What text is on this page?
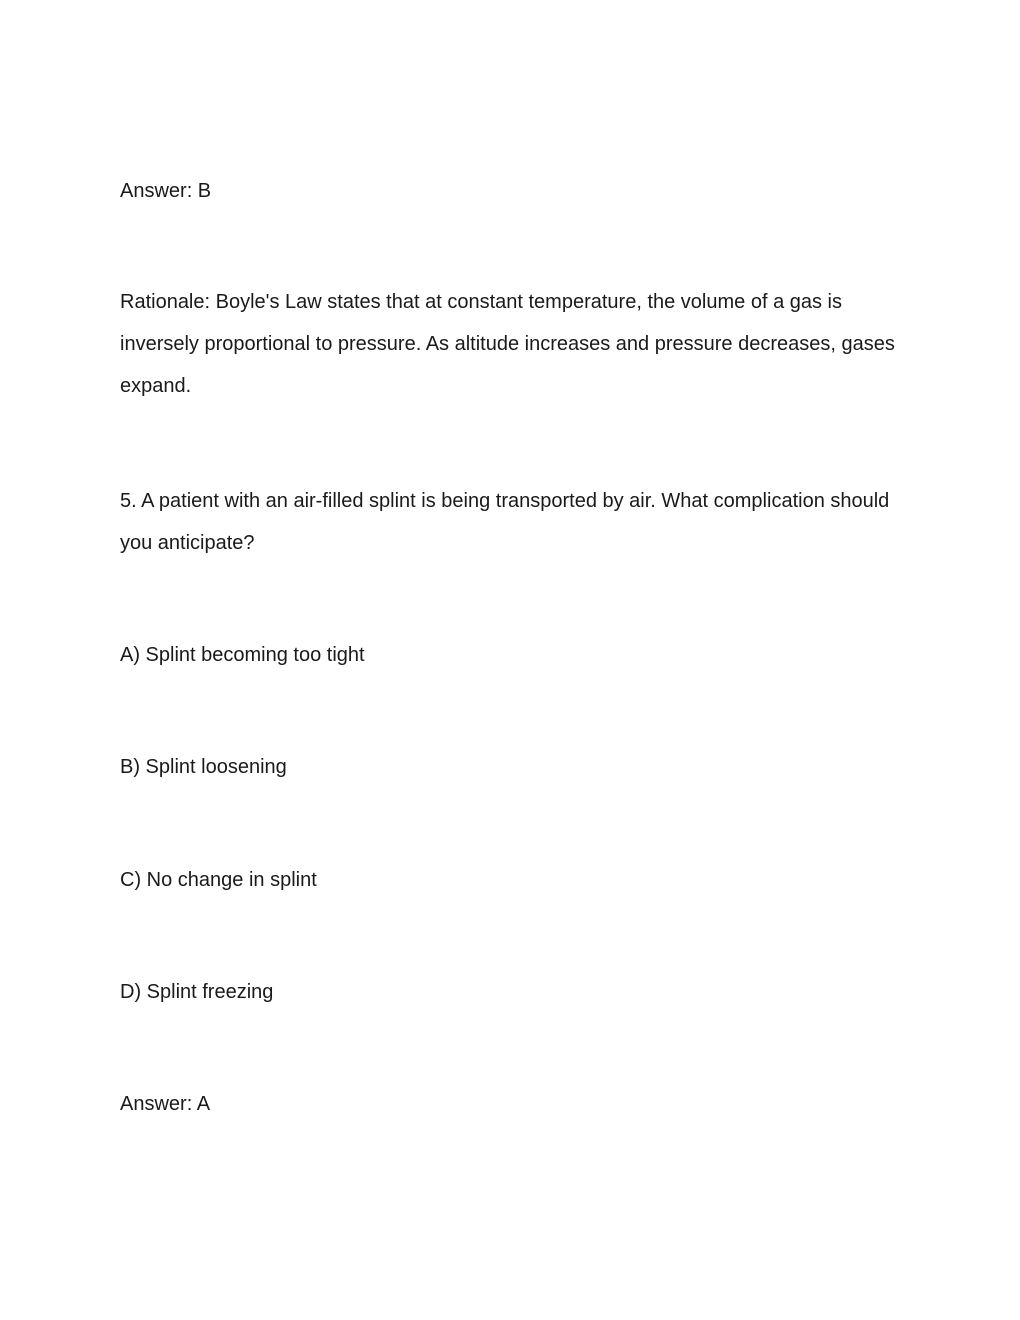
Answer: B

Rationale: Boyle's Law states that at constant temperature, the volume of a gas is inversely proportional to pressure. As altitude increases and pressure decreases, gases expand.

5. A patient with an air-filled splint is being transported by air. What complication should you anticipate?

A) Splint becoming too tight

B) Splint loosening

C) No change in splint

D) Splint freezing

Answer: A
